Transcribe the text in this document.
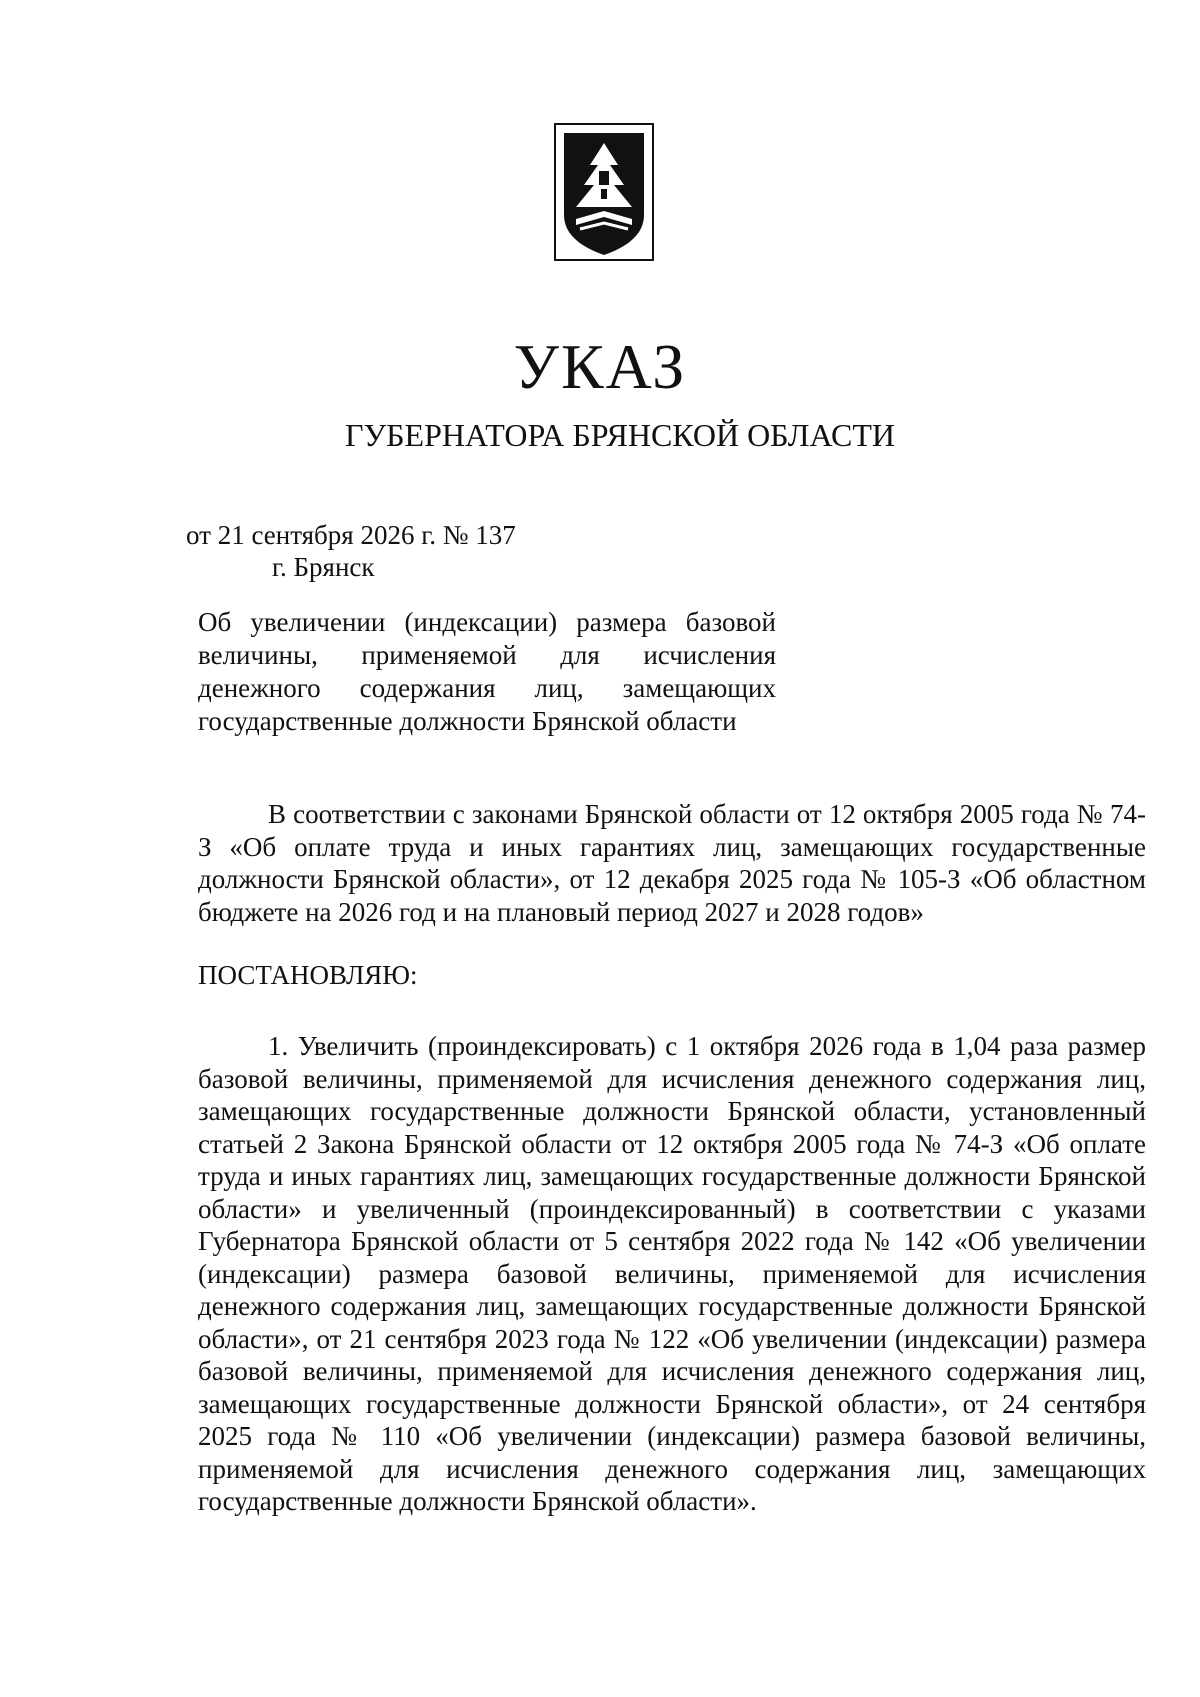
УКАЗ
ГУБЕРНАТОРА БРЯНСКОЙ ОБЛАСТИ
от 21 сентября 2026 г. № 137
г. Брянск
Об увеличении (индексации) размера базовой величины, применяемой для исчисления денежного содержания лиц, замещающих государственные должности Брянской области
В соответствии с законами Брянской области от 12 октября 2005 года № 74-З «Об оплате труда и иных гарантиях лиц, замещающих государственные должности Брянской области», от 12 декабря 2025 года № 105-З «Об областном бюджете на 2026 год и на плановый период 2027 и 2028 годов»
ПОСТАНОВЛЯЮ:
1. Увеличить (проиндексировать) с 1 октября 2026 года в 1,04 раза размер базовой величины, применяемой для исчисления денежного содержания лиц, замещающих государственные должности Брянской области, установленный статьей 2 Закона Брянской области от 12 октября 2005 года № 74-З «Об оплате труда и иных гарантиях лиц, замещающих государственные должности Брянской области» и увеличенный (проиндексированный) в соответствии с указами Губернатора Брянской области от 5 сентября 2022 года № 142 «Об увеличении (индексации) размера базовой величины, применяемой для исчисления денежного содержания лиц, замещающих государственные должности Брянской области», от 21 сентября 2023 года № 122 «Об увеличении (индексации) размера базовой величины, применяемой для исчисления денежного содержания лиц, замещающих государственные должности Брянской области», от 24 сентября 2025 года № 110 «Об увеличении (индексации) размера базовой величины, применяемой для исчисления денежного содержания лиц, замещающих государственные должности Брянской области».
